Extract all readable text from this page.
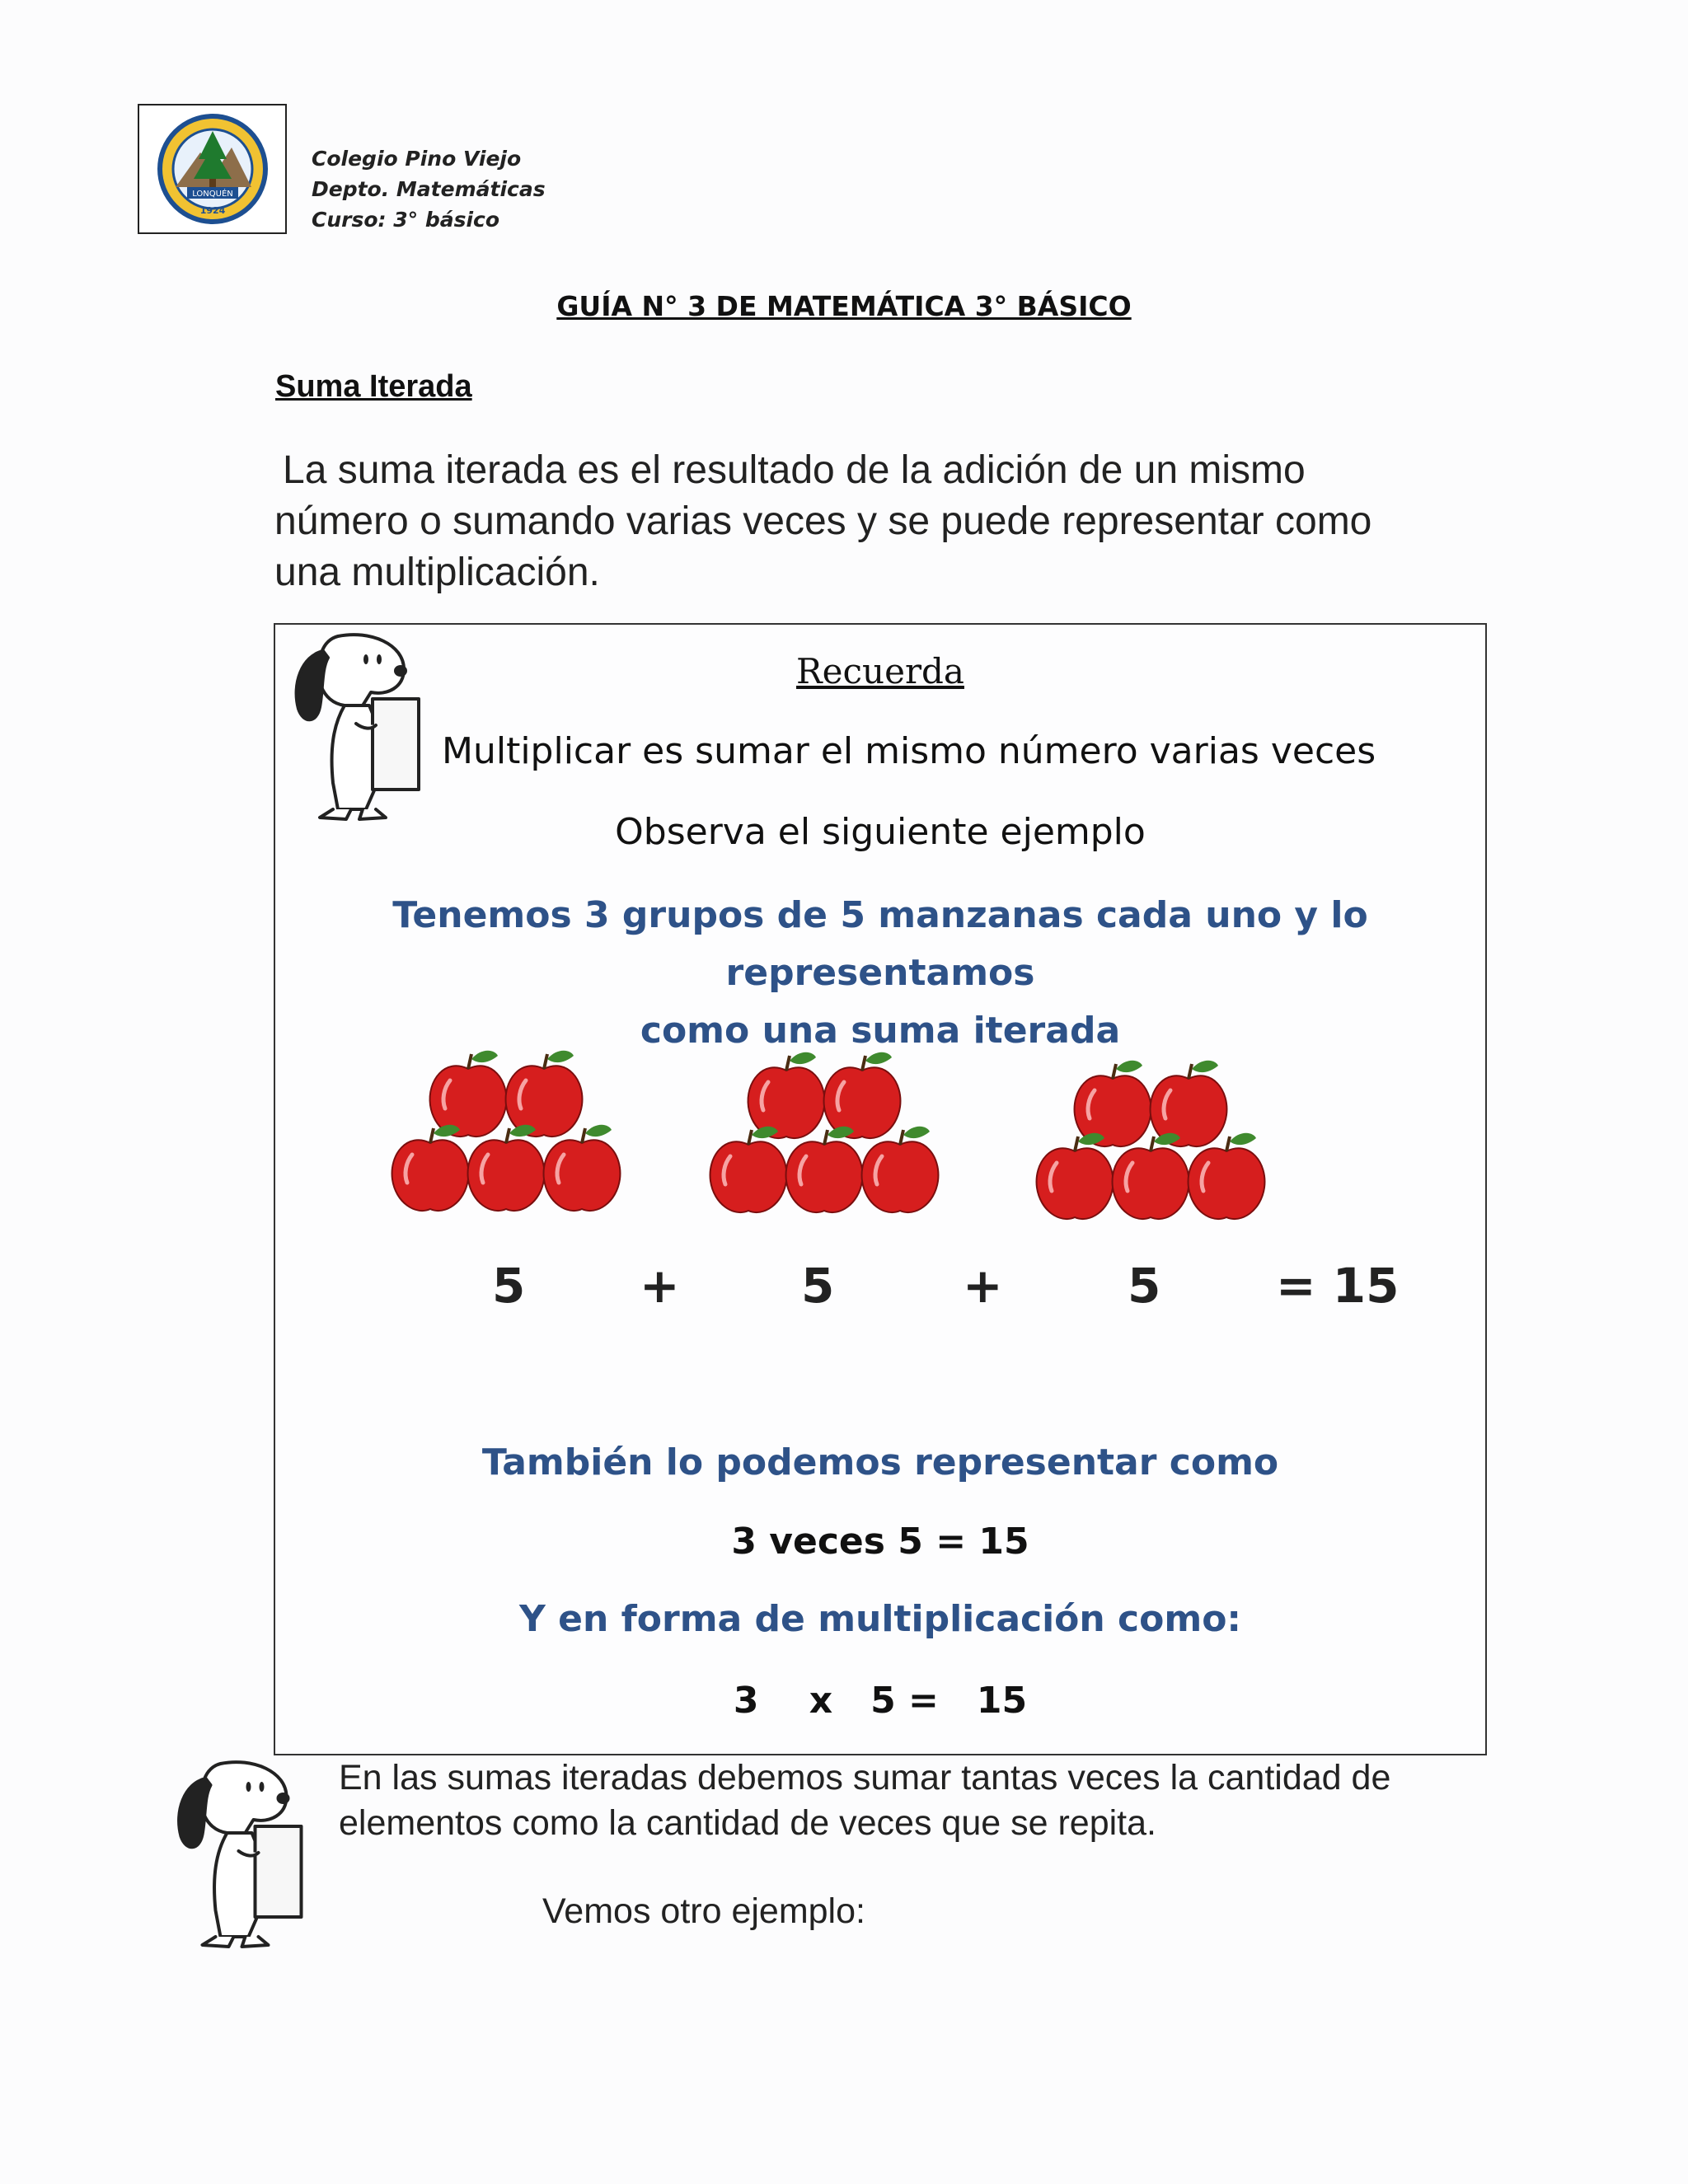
LONQUÉN
1924
Colegio Pino Viejo
Depto. Matemáticas
Curso: 3° básico
GUÍA N° 3 DE MATEMÁTICA 3° BÁSICO
Suma Iterada
La suma iterada es el resultado de la adición de un mismo
número o sumando varias veces y se puede representar como
una multiplicación.
Recuerda
Multiplicar es sumar el mismo número varias veces
Observa el siguiente ejemplo
Tenemos 3 grupos de 5 manzanas cada uno y lo representamos
como una suma iterada
5 +	5	+	5 = 15
También lo podemos representar como
3 veces 5 = 15
Y en forma de multiplicación como:
3    x   5 =   15
En las sumas iteradas debemos sumar tantas veces la cantidad de
elementos como la cantidad de veces que se repita.
Vemos otro ejemplo:
